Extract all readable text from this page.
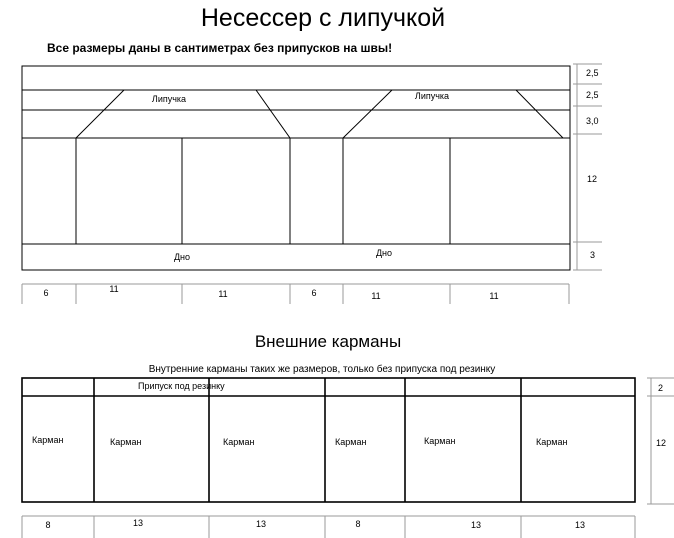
Несессер с липучкой
Все размеры даны в сантиметрах без припусков на швы!
Липучка	Липучка
Дно	Дно
2,5
2,5
3,0
12
3
6	11	11	6	11	11
Внешние карманы
Внутренние карманы таких же размеров, только без припуска под резинку
Припуск под резинку
Карман	Карман	Карман	Карман	Карман	Карман
2
12
8	13	13	8	13	13
